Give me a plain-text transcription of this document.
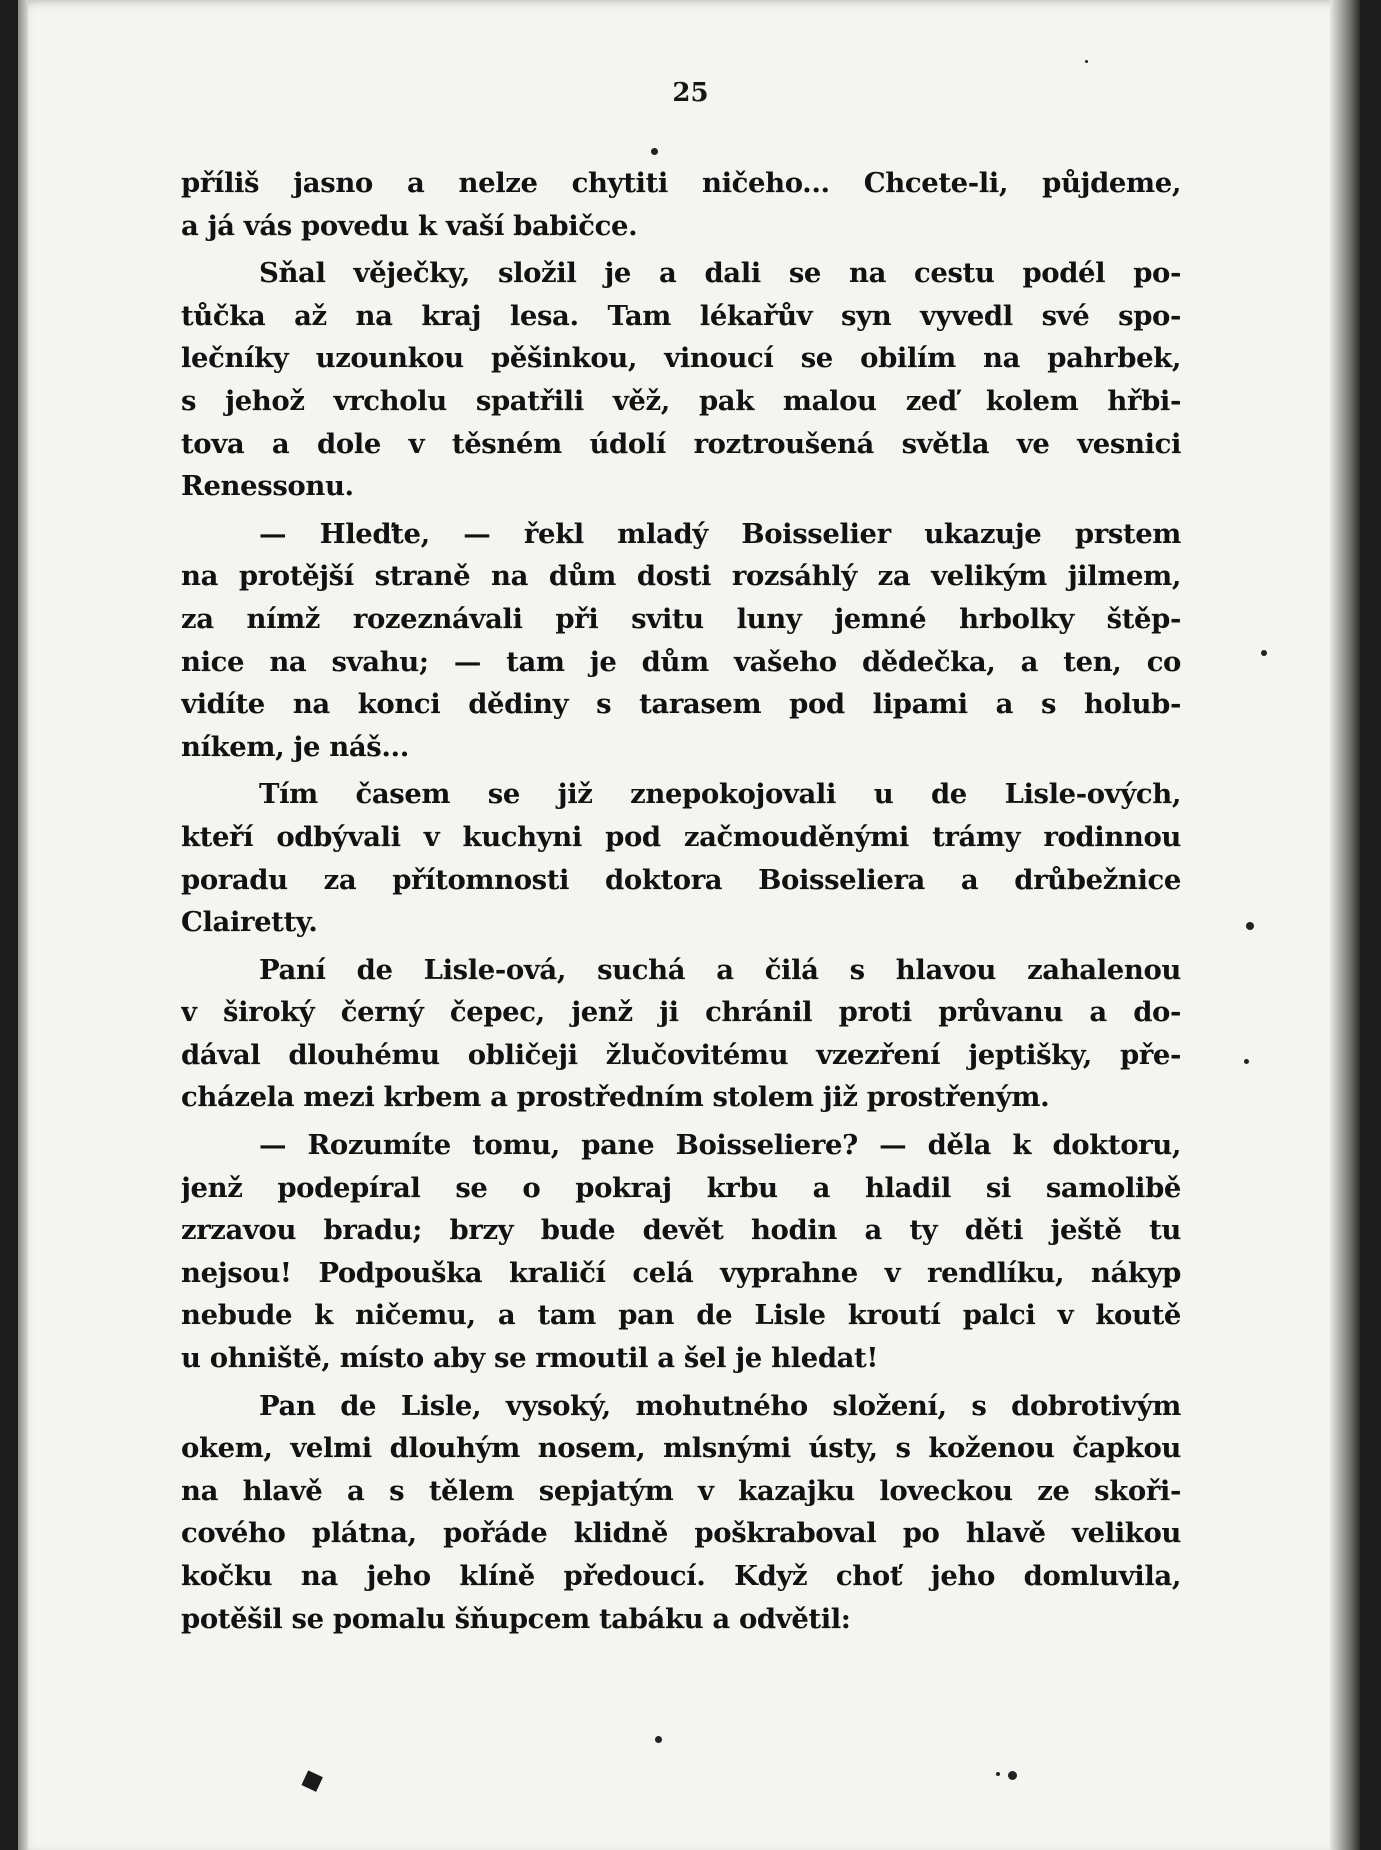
25
příliš jasno a nelze chytiti ničeho... Chcete-li, půjdeme,
a já vás povedu k vaší babičce.
Sňal věječky, složil je a dali se na cestu podél po-
tůčka až na kraj lesa. Tam lékařův syn vyvedl své spo-
lečníky uzounkou pěšinkou, vinoucí se obilím na pahrbek,
s jehož vrcholu spatřili věž, pak malou zeď kolem hřbi-
tova a dole v těsném údolí roztroušená světla ve vesnici
Renessonu.
— Hleďte, — řekl mladý Boisselier ukazuje prstem
na protější straně na dům dosti rozsáhlý za velikým jilmem,
za nímž rozeznávali při svitu luny jemné hrbolky štěp-
nice na svahu; — tam je dům vašeho dědečka, a ten, co
vidíte na konci dědiny s tarasem pod lipami a s holub-
níkem, je náš...
Tím časem se již znepokojovali u de Lisle-ových,
kteří odbývali v kuchyni pod začmouděnými trámy rodinnou
poradu za přítomnosti doktora Boisseliera a drůbežnice
Clairetty.
Paní de Lisle-ová, suchá a čilá s hlavou zahalenou
v široký černý čepec, jenž ji chránil proti průvanu a do-
dával dlouhému obličeji žlučovitému vzezření jeptišky, pře-
cházela mezi krbem a prostředním stolem již prostřeným.
— Rozumíte tomu, pane Boisseliere? — děla k doktoru,
jenž podepíral se o pokraj krbu a hladil si samolibě
zrzavou bradu; brzy bude devět hodin a ty děti ještě tu
nejsou! Podpouška kraličí celá vyprahne v rendlíku, nákyp
nebude k ničemu, a tam pan de Lisle kroutí palci v koutě
u ohniště, místo aby se rmoutil a šel je hledat!
Pan de Lisle, vysoký, mohutného složení, s dobrotivým
okem, velmi dlouhým nosem, mlsnými ústy, s koženou čapkou
na hlavě a s tělem sepjatým v kazajku loveckou ze skoři-
cového plátna, pořáde klidně poškraboval po hlavě velikou
kočku na jeho klíně předoucí. Když choť jeho domluvila,
potěšil se pomalu šňupcem tabáku a odvětil:
◆
